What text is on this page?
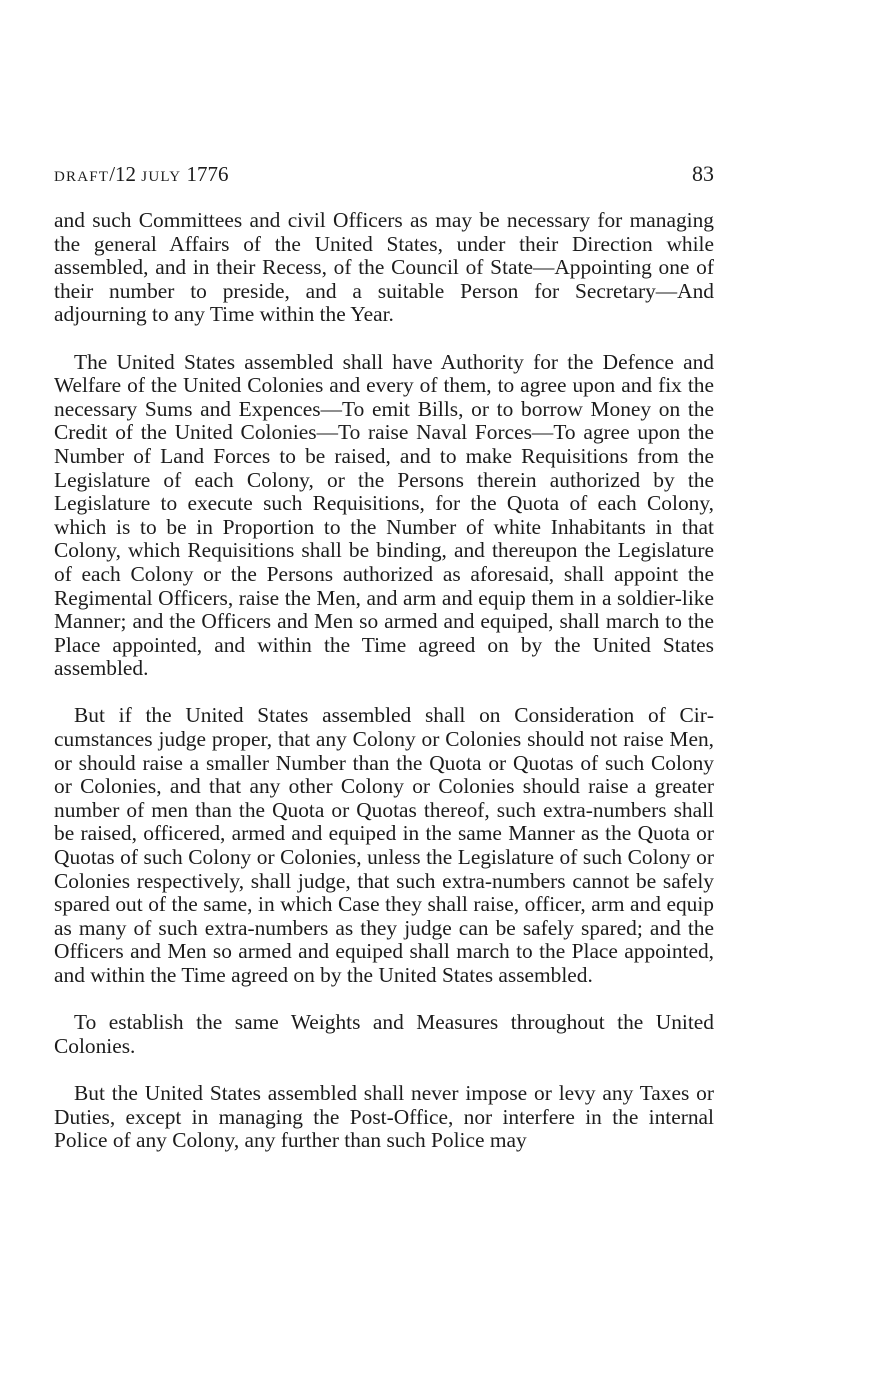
draft/12 july 1776	83

and such Committees and civil Officers as may be necessary for managing the general Affairs of the United States, under their Direction while assembled, and in their Recess, of the Council of State—Appointing one of their number to preside, and a suitable Person for Secretary—And adjourning to any Time within the Year.

The United States assembled shall have Authority for the Defence and Welfare of the United Colonies and every of them, to agree upon and fix the necessary Sums and Expences—To emit Bills, or to borrow Money on the Credit of the United Colonies—To raise Naval Forces—To agree upon the Number of Land Forces to be raised, and to make Requisitions from the Legislature of each Colony, or the Persons therein authorized by the Legislature to execute such Requisitions, for the Quota of each Colony, which is to be in Proportion to the Number of white Inhabitants in that Colony, which Requisitions shall be binding, and thereupon the Legislature of each Colony or the Persons authorized as aforesaid, shall appoint the Regimental Officers, raise the Men, and arm and equip them in a soldier-like Manner; and the Officers and Men so armed and equiped, shall march to the Place appointed, and within the Time agreed on by the United States assembled.

But if the United States assembled shall on Consideration of Circumstances judge proper, that any Colony or Colonies should not raise Men, or should raise a smaller Number than the Quota or Quotas of such Colony or Colonies, and that any other Colony or Colonies should raise a greater number of men than the Quota or Quotas thereof, such extra-numbers shall be raised, officered, armed and equiped in the same Manner as the Quota or Quotas of such Colony or Colonies, unless the Legislature of such Colony or Colonies respectively, shall judge, that such extra-numbers cannot be safely spared out of the same, in which Case they shall raise, officer, arm and equip as many of such extra-numbers as they judge can be safely spared; and the Officers and Men so armed and equiped shall march to the Place appointed, and within the Time agreed on by the United States assembled.

To establish the same Weights and Measures throughout the United Colonies.

But the United States assembled shall never impose or levy any Taxes or Duties, except in managing the Post-Office, nor interfere in the internal Police of any Colony, any further than such Police may
